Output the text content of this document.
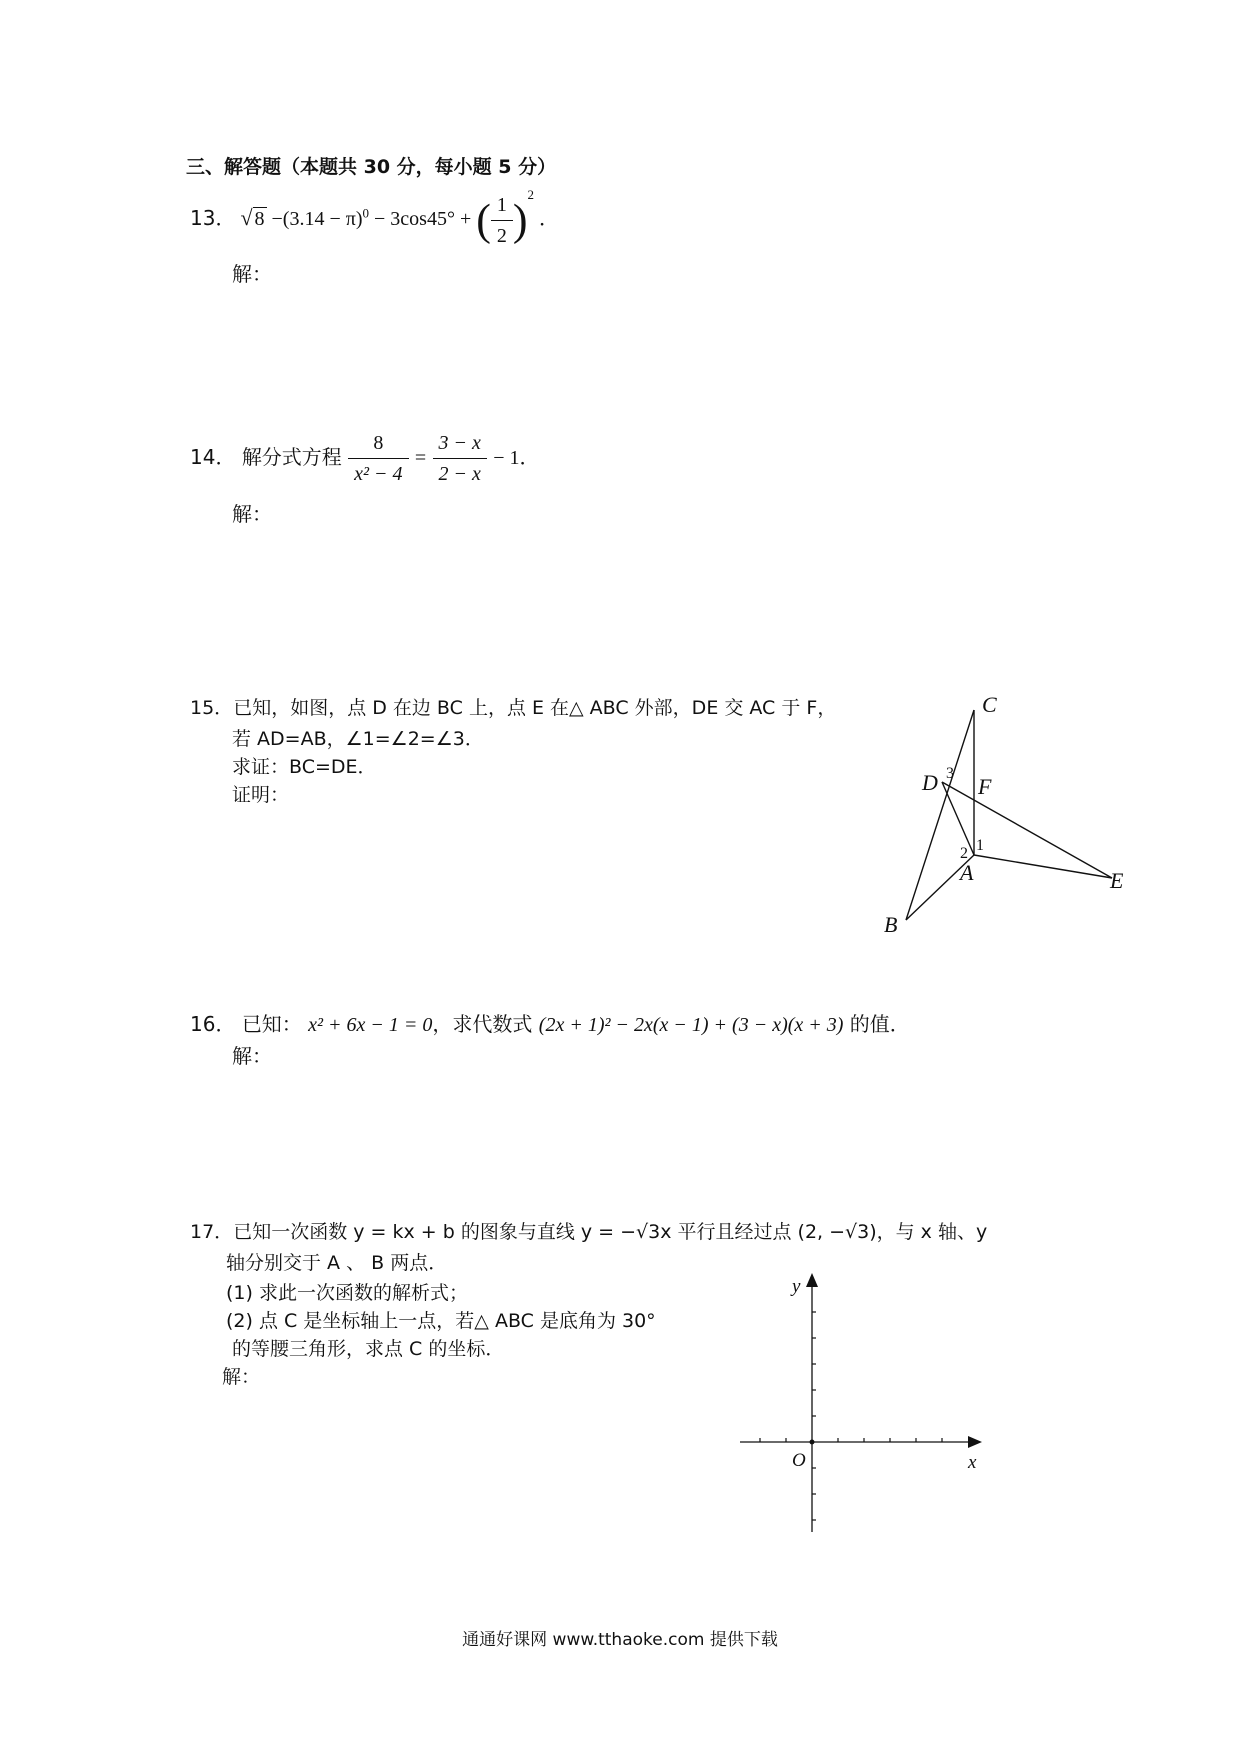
三、解答题（本题共 30 分，每小题 5 分）
13． √ $8 -(3.14 - \pi)^0 - 3\cos 45^\circ$ + ( $\frac{1}{2} )^2$ ．
解：
14． 解分式方程 $\frac{8}{\text{x² − 4}} = \frac{3 - x}{2 - x} - 1$．
解：
15．已知，如图，点 D 在边 BC 上，点 E 在△ ABC 外部，DE 交 AC 于 F，
若 AD=AB，∠1=∠2=∠3．
求证：BC=DE．
证明：
C
D F
A
B
E
1
2
3
16． 已知： x² + 6x − 1 = 0，求代数式 (2x + 1)² − 2x(x − 1) + (3 − x)(x + 3) 的值．
解：
17．已知一次函数 y = kx + b 的图象与直线 y = −√3x 平行且经过点 (2, −√3)，与 x 轴、y
轴分别交于 A 、 B 两点．
(1) 求此一次函数的解析式；
(2) 点 C 是坐标轴上一点，若△ ABC 是底角为 30°
的等腰三角形，求点 C 的坐标．
解：
x
y
O
通通好课网 www.tthaoke.com 提供下载
